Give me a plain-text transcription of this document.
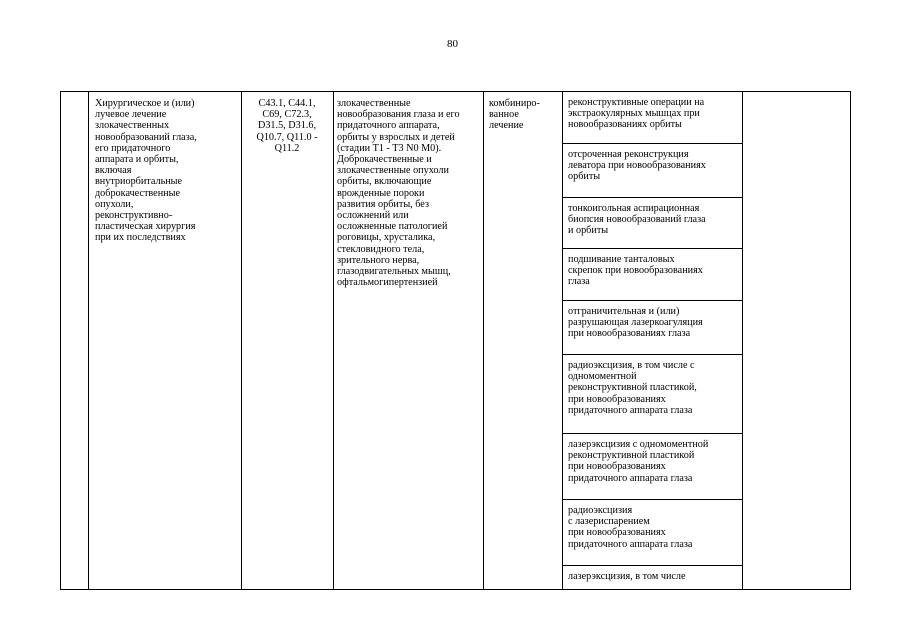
80
Хирургическое и (или)
лучевое лечение
злокачественных
новообразований глаза,
его придаточного
аппарата и орбиты,
включая
внутриорбитальные
доброкачественные
опухоли,
реконструктивно-
пластическая хирургия
при их последствиях
C43.1, C44.1,
C69, C72.3,
D31.5, D31.6,
Q10.7, Q11.0 -
Q11.2
злокачественные
новообразования глаза и его
придаточного аппарата,
орбиты у взрослых и детей
(стадии T1 - T3 N0 M0).
Доброкачественные и
злокачественные опухоли
орбиты, включающие
врожденные пороки
развития орбиты, без
осложнений или
осложненные патологией
роговицы, хрусталика,
стекловидного тела,
зрительного нерва,
глазодвигательных мышц,
офтальмогипертензией
комбиниро-
ванное
лечение
реконструктивные операции на
экстраокулярных мышцах при
новообразованиях орбиты
отсроченная реконструкция
леватора при новообразованиях
орбиты
тонкоигольная аспирационная
биопсия новообразований глаза
и орбиты
подшивание танталовых
скрепок при новообразованиях
глаза
отграничительная и (или)
разрушающая лазеркоагуляция
при новообразованиях глаза
радиоэксцизия, в том числе с
одномоментной
реконструктивной пластикой,
при новообразованиях
придаточного аппарата глаза
лазерэксцизия с одномоментной
реконструктивной пластикой
при новообразованиях
придаточного аппарата глаза
радиоэксцизия
с лазериспарением
при новообразованиях
придаточного аппарата глаза
лазерэксцизия, в том числе
